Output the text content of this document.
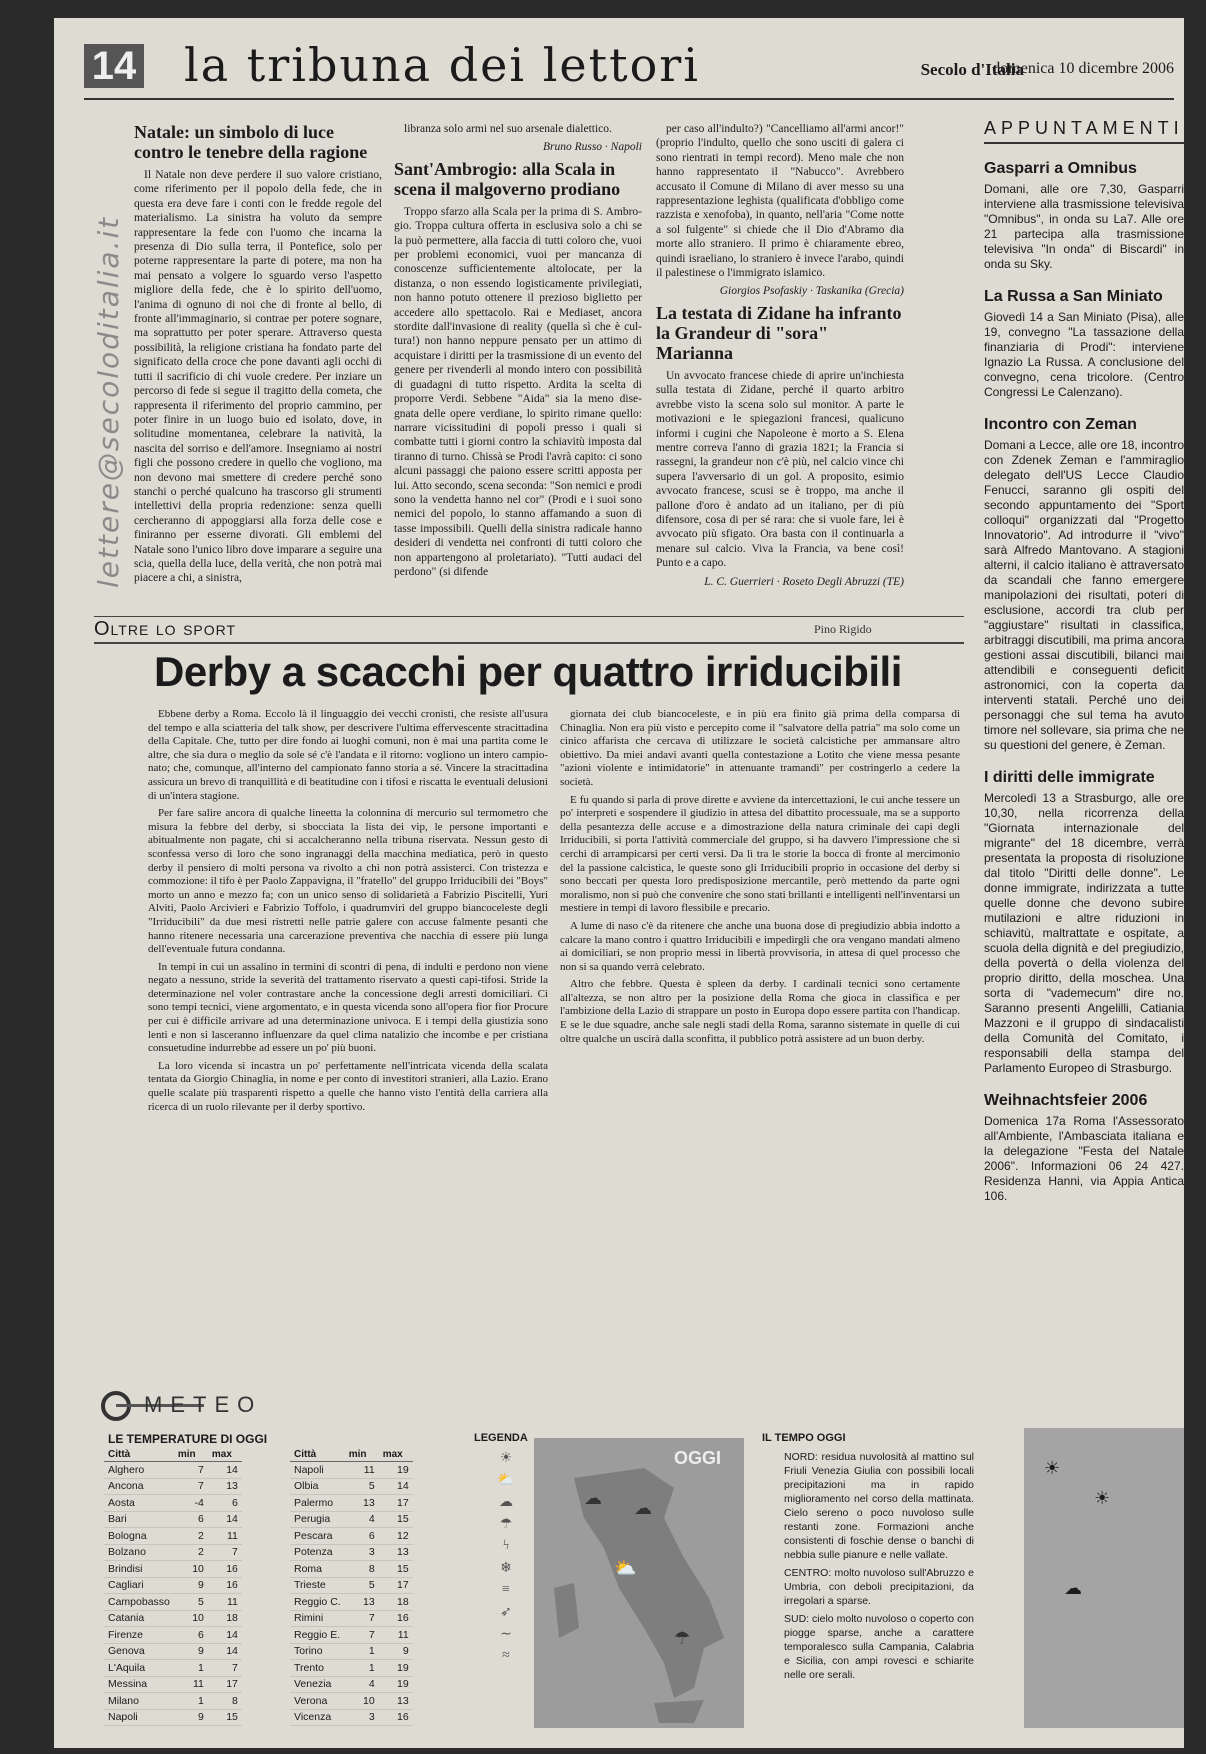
14 la tribuna dei lettori	Secolo d'Italia
domenica 10 dicembre 2006
lettere@secoloditalia.it
Natale: un simbolo di luce contro le tenebre della ragione

Il Natale non deve perdere il suo valore cristiano, come riferimento per il popolo della fede, che in questa era deve fare i conti con le fredde regole del materialismo. La sinistra ha voluto da sempre rappresentare la fede con l'uomo che incarna la presenza di Dio sulla terra, il Pontefice, solo per poterne rappresentare la parte di potere, ma non ha mai pensato a volgere lo sguardo verso l'aspetto migliore della fede, che è lo spirito dell'uomo, l'anima di ognuno di noi che di fronte al bello, di fronte all'immaginario, si contrae per potere sognare, ma soprattutto per poter sperare. Attraverso questa possibilità, la religione cristiana ha fondato parte del significato della croce che pone davanti agli occhi di tutti il sacrificio di chi vuole credere. Per inziare un percorso di fede si segue il tragitto della cometa, che rappresenta il riferimento del proprio cammino, per poter finire in un luogo buio ed isolato, dove, in solitudine momentanea, celebrare la natività, la nascita del sorriso e dell'amore. Insegniamo ai nostri figli che possono credere in quello che vogliono, ma non devono mai smettere di credere perché sono stanchi o perché qualcuno ha trascorso gli strumenti intellettivi della propria redenzione: senza quelli cercheranno di appoggiarsi alla forza delle cose e finiranno per esserne divorati. Gli emblemi del Natale sono l'unico libro dove imparare a seguire una scia, quella della luce, della verità, che non potrà mai piacere a chi, a sinistra,

libranza solo armi nel suo arsenale dialettico.

Bruno Russo · Napoli

Sant'Ambrogio: alla Scala in scena il malgoverno prodiano

Troppo sfarzo alla Scala per la prima di S. Ambrogio. Troppa cultura offerta in esclusiva solo a chi se la può permettere, alla faccia di tutti coloro che, vuoi per problemi economici, vuoi per mancanza di conoscenze sufficientemente altolocate, per la distanza, o non essendo logisticamente privilegiati, non hanno potuto ottenere il prezioso biglietto per accedere allo spettacolo. Rai e Mediaset, ancora stordite dall'invasione di reality (quella sì che è cultura!) non hanno neppure pensato per un attimo di acquistare i diritti per la trasmissione di un evento del genere per rivenderli al mondo intero con possibilità di guadagni di tutto rispetto. Ardita la scelta di proporre Verdi. Sebbene "Aida" sia la meno disegnata delle opere verdiane, lo spirito rimane quello: narrare vicissitudini di popoli presso i quali si combatte tutti i giorni contro la schiavitù imposta dal tiranno di turno. Chissà se Prodi l'avrà capito: ci sono alcuni passaggi che paiono essere scritti apposta per lui. Atto secondo, scena seconda: "Son nemici e prodi sono la vendetta hanno nel cor" (Prodi e i suoi sono nemici del popolo, lo stanno affamando a suon di tasse impossibili. Quelli della sinistra radicale hanno desideri di vendetta nei confronti di tutti coloro che non appartengono al proletariato). "Tutti audaci del perdono" (si difende

per caso all'indulto?) "Cancelliamo all'armi ancor!" (proprio l'indulto, quello che sono usciti di galera ci sono rientrati in tempi record). Meno male che non hanno rappresentato il "Nabucco". Avrebbero accusato il Comune di Milano di aver messo su una rappresentazione leghista (qualificata d'obbligo come razzista e xenofoba), in quanto, nell'aria "Come notte a sol fulgente" si chiede che il Dio d'Abramo dia morte allo straniero. Il primo è chiaramente ebreo, quindi israeliano, lo straniero è invece l'arabo, quindi il palestinese o l'immigrato islamico.

Giorgios Psofaskiy · Taskanika (Grecia)

La testata di Zidane ha infranto la Grandeur di "sora" Marianna

Un avvocato francese chiede di aprire un'inchiesta sulla testata di Zidane, perché il quarto arbitro avrebbe visto la scena solo sul monitor. A parte le motivazioni e le spiegazioni francesi, qualicuno informi i cugini che Napoleone è morto a S. Elena mentre correva l'anno di grazia 1821; la Francia si rassegni, la grandeur non c'è più, nel calcio vince chi supera l'avversario di un gol. A proposito, esimio avvocato francese, scusi se è troppo, ma anche il pallone d'oro è andato ad un italiano, per di più difensore, cosa di per sé rara: che si vuole fare, lei è avvocato più sfigato. Ora basta con il continuarla a menare sul calcio. Viva la Francia, va bene così! Punto e a capo.

L. C. Guerrieri · Roseto Degli Abruzzi (TE)

Oltre lo sport	Pino Rigido
Derby a scacchi per quattro irriducibili

Ebbene derby a Roma. Eccolo là il linguaggio dei vecchi cronisti, che resiste all'usura del tempo e alla sciatteria del talk show, per descrivere l'ultima effervescente stracittadina della Capitale. Che, tutto per dire fondo ai luoghi comuni, non è mai una partita come le altre, che sia dura o meglio da sole sé c'è l'andata e il ritorno: vogliono un intero campionato; che, comunque, all'interno del campionato fanno storia a sé. Vincere la stracittadina assicura un brevo di tranquillità e di beatitudine con i tifosi e riscatta le eventuali delusioni di un'intera stagione.

Per fare salire ancora di qualche lineetta la colonnina di mercurio sul termometro che misura la febbre del derby, si sbocciata la lista dei vip, le persone importanti e abitualmente non pagate, chi si accalcheranno nella tribuna riservata. Nessun gesto di sconfessa verso di loro che sono ingranaggi della macchina mediatica, però in questo derby il pensiero di molti persona va rivolto a chi non potrà assisterci. Con tristezza e commozione: il tifo è per Paolo Zappavigna, il "fratello" del gruppo Irriducibili dei "Boys" morto un anno e mezzo fa; con un unico senso di solidarietà a Fabrizio Piscitelli, Yuri Alviti, Paolo Arcivieri e Fabrizio Toffolo, i quadrumviri del gruppo biancoceleste degli "Irriducibili" da due mesi ristretti nelle patrie galere con accuse falmente pesanti che hanno ritenere necessaria una carcerazione preventiva che nacchia di essere più lunga dell'eventuale futura condanna.

In tempi in cui un assalino in termini di scontri di pena, di indulti e perdono non viene negato a nessuno, stride la severità del trattamento riservato a questi capi-tifosi. Stride la determinazione nel voler contrastare anche la concessione degli arresti domiciliari. Ci sono tempi tecnici, viene argomentato, e in questa vicenda sono all'opera fior fior Procure per cui è difficile arrivare ad una determinazione univoca. E i tempi della giustizia sono lenti e non si lasceranno influenzare da quel clima natalizio che incombe e per cristiana consuetudine indurrebbe ad essere un po' più buoni.

La loro vicenda si incastra un po' perfettamente nell'intricata vicenda della scalata tentata da Giorgio Chinaglia, in nome e per conto di investitori stranieri, alla Lazio. Erano quelle scalate più trasparenti rispetto a quelle che hanno visto l'entità della carriera alla ricerca di un ruolo rilevante per il derby sportivo.

giornata dei club biancoceleste, e in più era finito già prima della comparsa di Chinaglia. Non era più visto e percepito come il "salvatore della patria" ma solo come un cinico affarista che cercava di utilizzare le società calcistiche per ammansare altro obiettivo. Da miei andavi avanti quella contestazione a Lotito che viene messa pesante "azioni violente e intimidatorie" in attenuante tramandì" per costringerlo a cedere la società.

E fu quando si parla di prove dirette e avviene da intercettazioni, le cui anche tessere un po' interpreti e sospendere il giudizio in attesa del dibattito processuale, ma se a supporto della pesantezza delle accuse e a dimostrazione della natura criminale dei capi degli Irriducibili, si porta l'attività commerciale del gruppo, si ha davvero l'impressione che si cerchi di arrampicarsi per certi versi. Da lì tra le storie la bocca di fronte al mercimonio del la passione calcistica, le queste sono gli Irriducibili proprio in occasione del derby si sono beccati per questa loro predisposizione mercantile, però mettendo da parte ogni moralismo, non si può che convenire che sono stati brillanti e intelligenti nell'inventarsi un mestiere in tempi di lavoro flessibile e precario.

A lume di naso c'è da ritenere che anche una buona dose di pregiudizio abbia indotto a calcare la mano contro i quattro Irriducibili e impedirgli che ora vengano mandati almeno ai domiciliari, se non proprio messi in libertà provvisoria, in attesa di quel processo che non si sa quando verrà celebrato.

Altro che febbre. Questa è spleen da derby. I cardinali tecnici sono certamente all'altezza, se non altro per la posizione della Roma che gioca in classifica e per l'ambizione della Lazio di strappare un posto in Europa dopo essere partita con l'handicap. E se le due squadre, anche sale negli stadi della Roma, saranno sistemate in quelle di cui oltre qualche un uscirà dalla sconfitta, il pubblico potrà assistere ad un buon derby.

APPUNTAMENTI
Gasparri a Omnibus
Domani, alle ore 7,30, Gasparri interviene alla trasmissione televisiva "Omnibus", in onda su La7. Alle ore 21 partecipa alla trasmissione televisiva "In onda" di Biscardi" in onda su Sky.
La Russa a San Miniato
Giovedì 14 a San Miniato (Pisa), alle 19, convegno "La tassazione della finanziaria di Prodi": interviene Ignazio La Russa. A conclusione del convegno, cena tricolore. (Centro Congressi Le Calenzano).
Incontro con Zeman
Domani a Lecce, alle ore 18, incontro con Zdenek Zeman e l'ammiraglio delegato dell'US Lecce Claudio Fenucci, saranno gli ospiti del secondo appuntamento dei "Sport colloqui" organizzati dal "Progetto Innovatorio". Ad introdurre il "vivo" sarà Alfredo Mantovano. A stagioni alterni, il calcio italiano è attraversato da scandali che fanno emergere manipolazioni dei risultati, poteri di esclusione, accordi tra club per "aggiustare" risultati in classifica, arbitraggi discutibili, ma prima ancora gestioni assai discutibili, bilanci mai attendibili e conseguenti deficit astronomici, con la coperta da interventi statali. Perché uno dei personaggi che sul tema ha avuto timore nel sollevare, sia prima che ne su questioni del genere, è Zeman.
I diritti delle immigrate
Mercoledì 13 a Strasburgo, alle ore 10,30, nella ricorrenza della "Giornata internazionale del migrante" del 18 dicembre, verrà presentata la proposta di risoluzione dal titolo "Diritti delle donne". Le donne immigrate, indirizzata a tutte quelle donne che devono subire mutilazioni e altre riduzioni in schiavitù, maltrattate e ospitate, a scuola della dignità e del pregiudizio, della povertà o della violenza del proprio diritto, della moschea. Una sorta di "vademecum" dire no. Saranno presenti Angelilli, Catiania Mazzoni e il gruppo di sindacalisti della Comunità del Comitato, i responsabili della stampa del Parlamento Europeo di Strasburgo.
Weihnachtsfeier 2006
Domenica 17a Roma l'Assessorato all'Ambiente, l'Ambasciata italiana e la delegazione "Festa del Natale 2006". Informazioni 06 24 427. Residenza Hanni, via Appia Antica 106.
METEO
LE TEMPERATURE DI OGGI
Città	min	max
Alghero	7	14
Ancona	7	13
Aosta	-4	6
Bari	6	14
Bologna	2	11
Bolzano	2	7
Brindisi	10	16
Cagliari	9	16
Campobasso	5	11
Catania	10	18
Firenze	6	14
Genova	9	14
L'Aquila	1	7
Messina	11	17
Milano	1	8
Napoli	9	15
Città	min	max
Napoli	11	19
Olbia	5	14
Palermo	13	17
Perugia	4	15
Pescara	6	12
Potenza	3	13
Roma	8	15
Trieste	5	17
Reggio C.	13	18
Rimini	7	16
Reggio E.	7	11
Torino	1	9
Trento	1	19
Venezia	4	19
Verona	10	13
Vicenza	3	16
LEGENDA
☀
⛅
☁
☂
ϟ
❄
≡
➶
∼
≈
OGGI
☁ ☁
⛅
☂
IL TEMPO OGGI

NORD: residua nuvolosità al mattino sul Friuli Venezia Giulia con possibili locali precipitazioni ma in rapido miglioramento nel corso della mattinata. Cielo sereno o poco nuvoloso sulle restanti zone. Formazioni anche consistenti di foschie dense o banchi di nebbia sulle pianure e nelle vallate.

CENTRO: molto nuvoloso sull'Abruzzo e Umbria, con deboli precipitazioni, da irregolari a sparse.

SUD: cielo molto nuvoloso o coperto con piogge sparse, anche a carattere temporalesco sulla Campania, Calabria e Sicilia, con ampi rovesci e schiarite nelle ore serali.

☀
☀
☁
